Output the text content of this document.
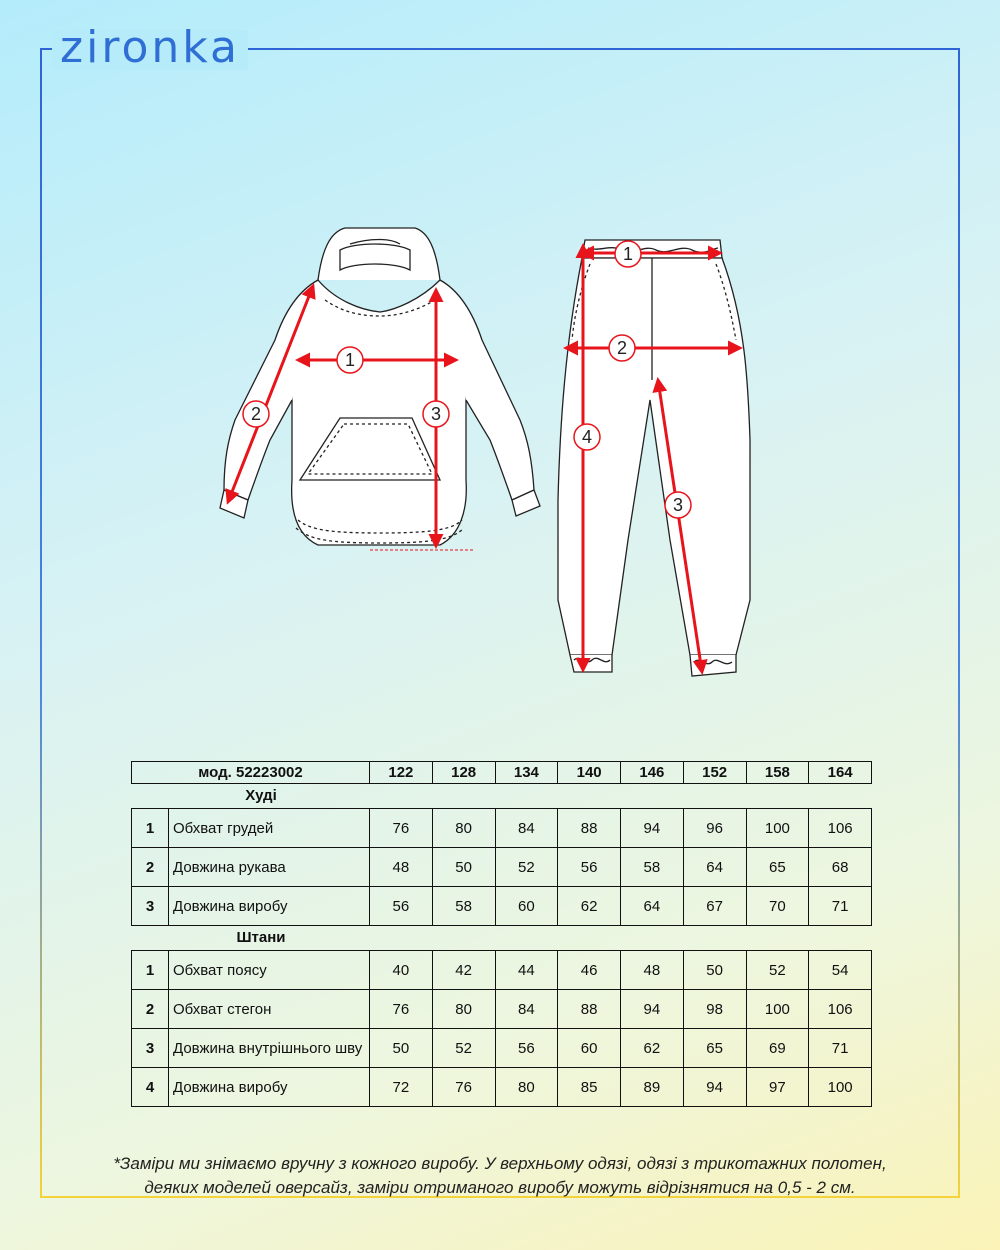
zironka
1
2	3
1
2
3
4
мод. 52223002	122	128	134	140	146	152	158	164
Худі
1	Обхват грудей	76	80	84	88	94	96	100	106
2	Довжина рукава	48	50	52	56	58	64	65	68
3	Довжина виробу	56	58	60	62	64	67	70	71
Штани
1	Обхват поясу	40	42	44	46	48	50	52	54
2	Обхват стегон	76	80	84	88	94	98	100	106
3	Довжина внутрішнього шву	50	52	56	60	62	65	69	71
4	Довжина виробу	72	76	80	85	89	94	97	100
*Заміри ми знімаємо вручну з кожного виробу. У верхньому одязі, одязі з трикотажних полотен,
деяких моделей оверсайз, заміри отриманого виробу можуть відрізнятися на 0,5 - 2 см.
